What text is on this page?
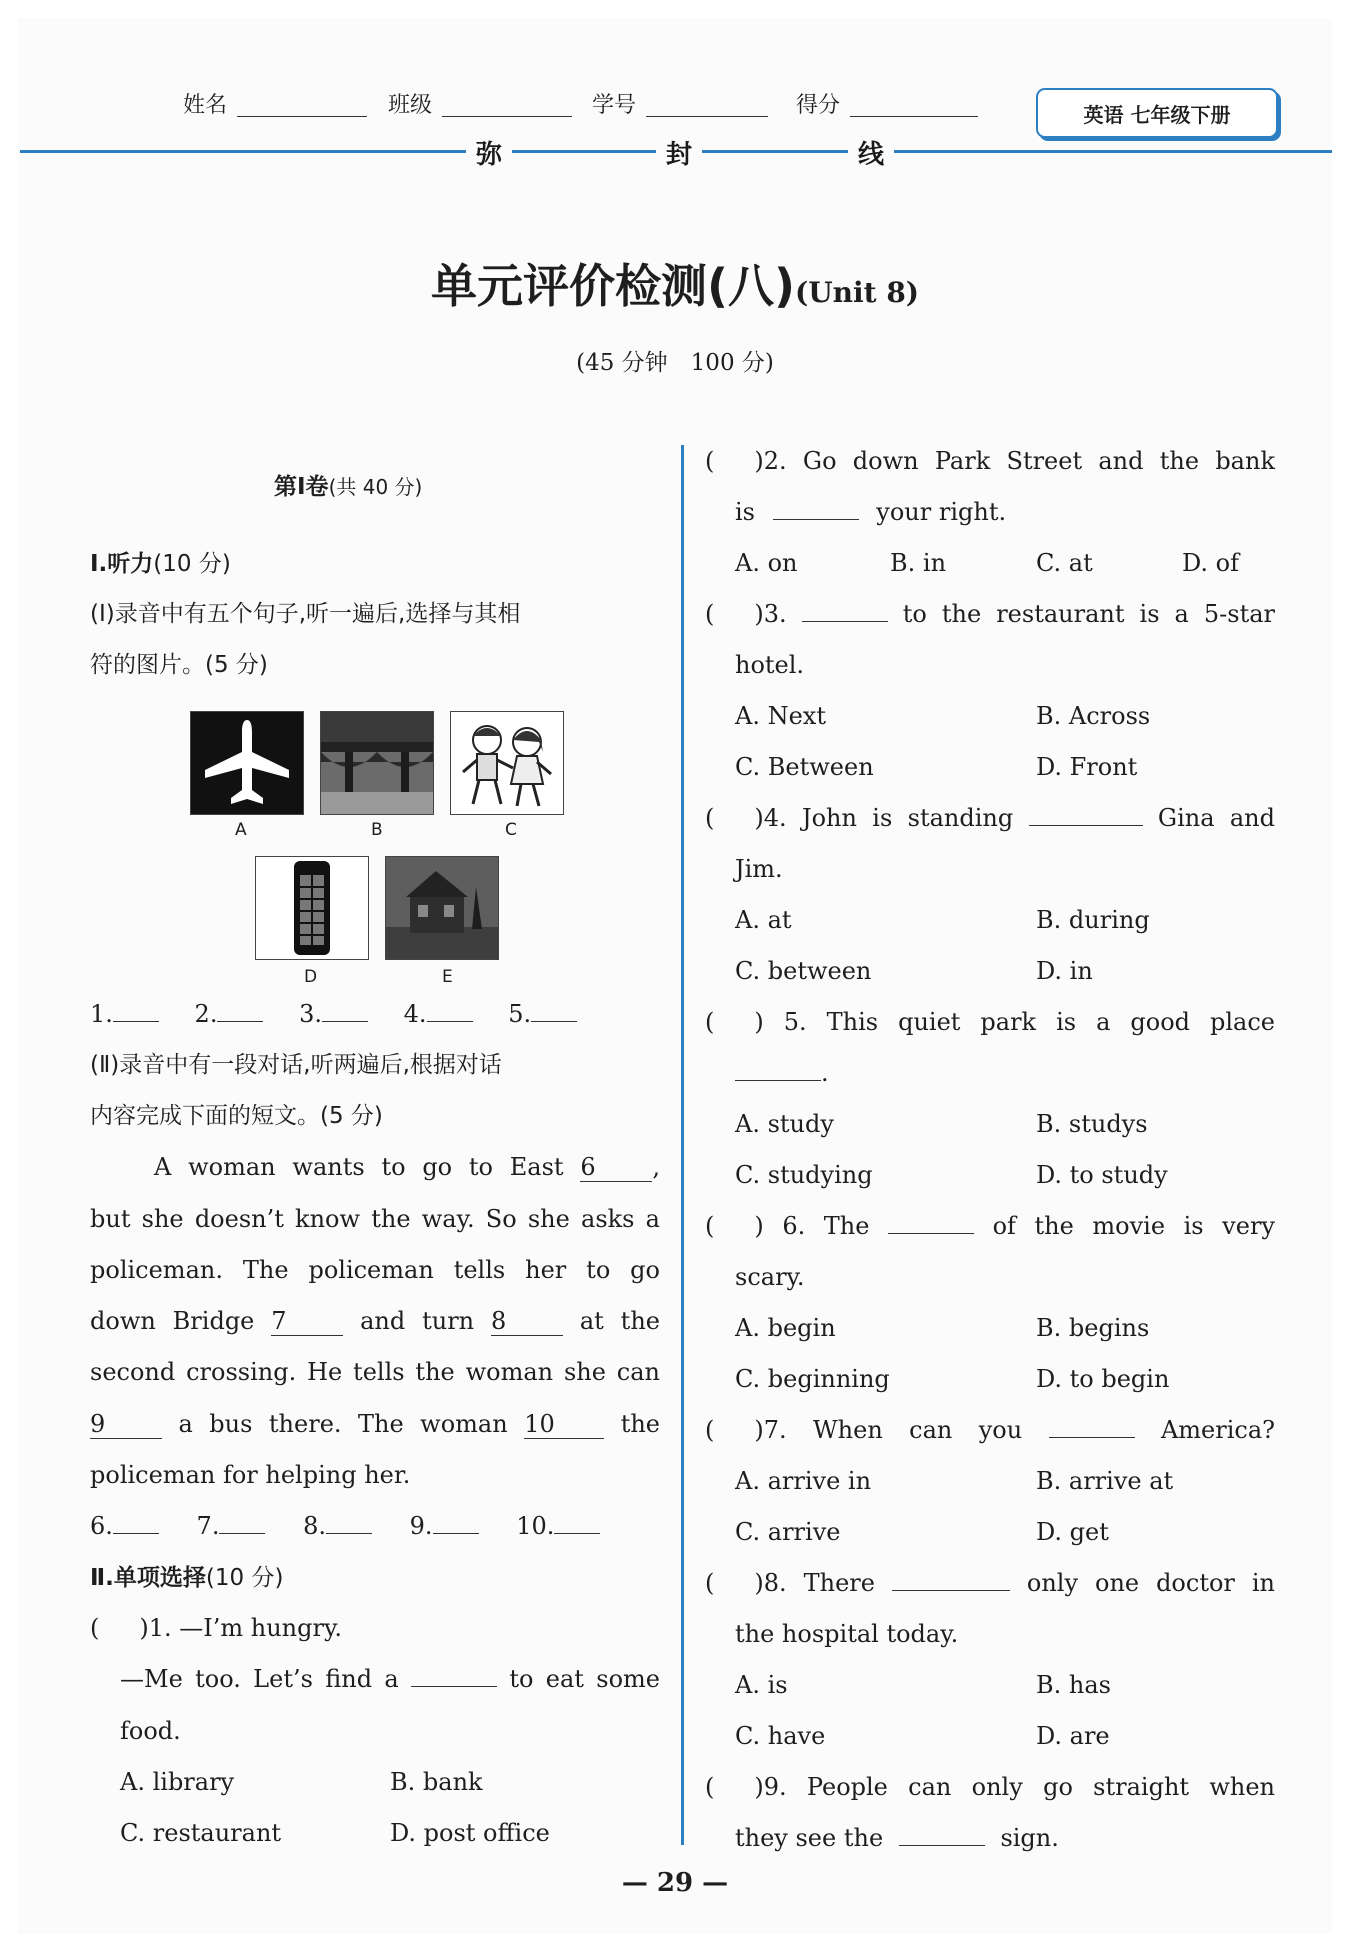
姓名	班级	学号	得分	英语 七年级下册
弥	封	线
单元评价检测(八)(Unit 8)
(45 分钟　100 分)
第Ⅰ卷(共 40 分)
Ⅰ.听力(10 分)
(Ⅰ)录音中有五个句子,听一遍后,选择与其相
符的图片。(5 分)
A	B	C
D	E
1.	2.	3.	4.	5.
(Ⅱ)录音中有一段对话,听两遍后,根据对话
内容完成下面的短文。(5 分)
A woman wants to go to East 6 ,
but she doesn’t know the way. So she asks a
policeman. The policeman tells her to go
down Bridge 7	and turn 8	at the
second crossing. He tells the woman she can
9	a bus there. The woman 10	the
policeman for helping her.
6.	7.	8.	9.	10.
Ⅱ.单项选择(10 分)
( )1. —I’m hungry.
—Me too. Let’s find a	to eat some
food.
A. library	B. bank
C. restaurant	D. post office
( )2. Go down Park Street and the bank
is	your right.
A. on	B. in	C. at	D. of
( )3.	to the restaurant is a 5-star
hotel.
A. Next	B. Across
C. Between	D. Front
( )4. John is standing	Gina and
Jim.
A. at	B. during
C. between	D. in
( ) 5. This quiet park is a good place
.
A. study	B. studys
C. studying	D. to study
( ) 6. The	of the movie is very
scary.
A. begin	B. begins
C. beginning	D. to begin
( )7. When can you	America?
A. arrive in	B. arrive at
C. arrive	D. get
( )8. There	only one doctor in
the hospital today.
A. is	B. has
C. have	D. are
( )9. People can only go straight when
they see the	sign.
— 29 —
